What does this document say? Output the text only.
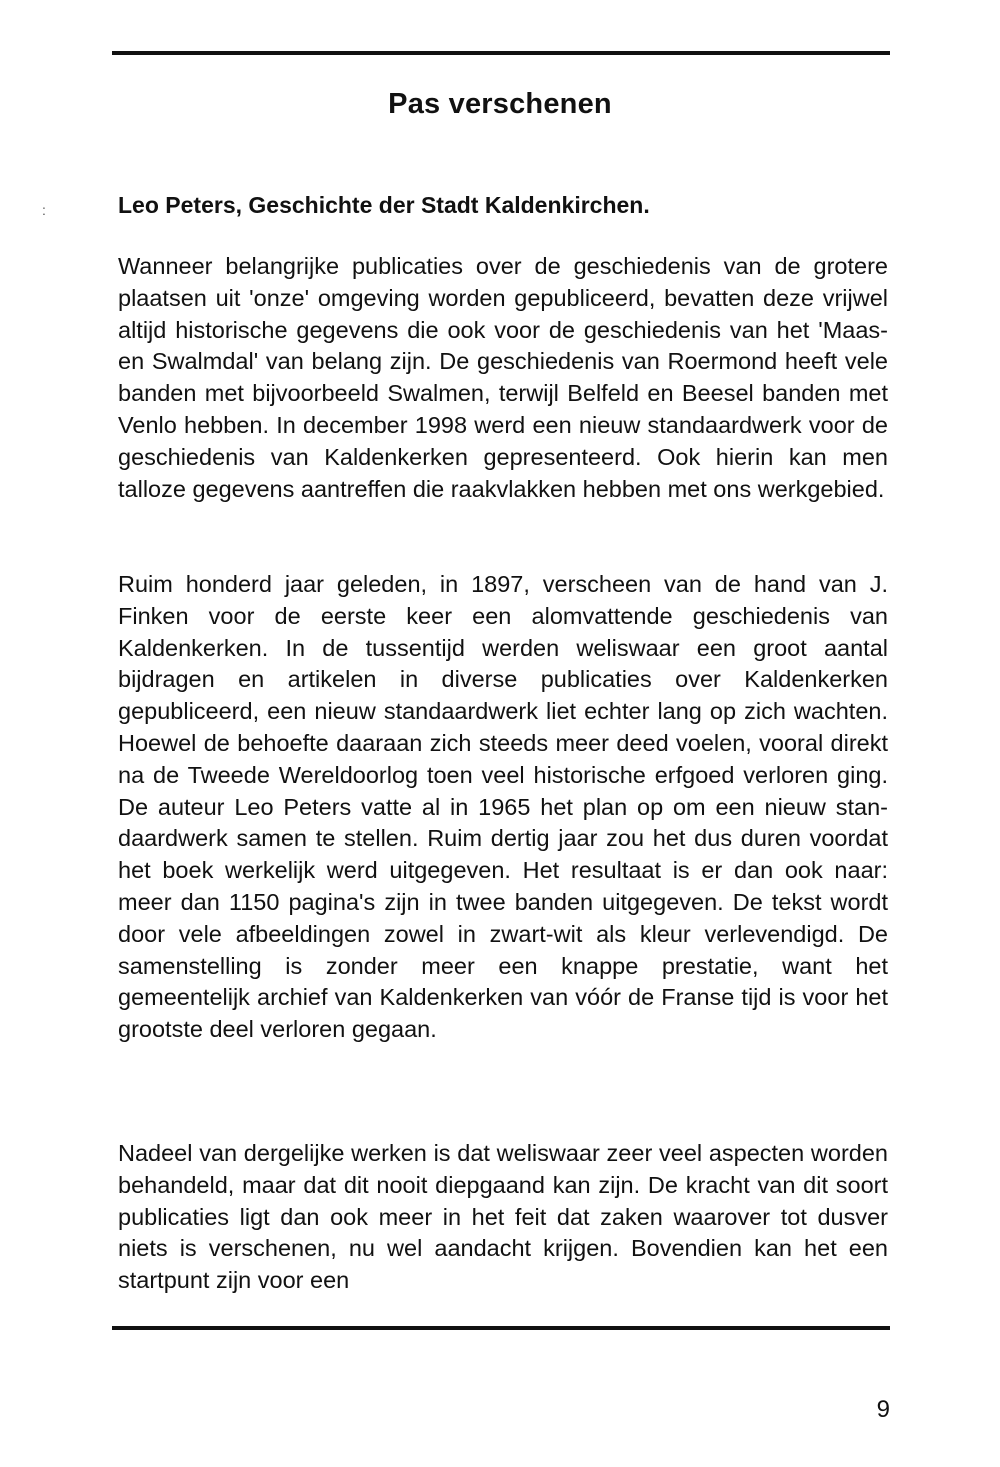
Pas verschenen
:	Leo Peters, Geschichte der Stadt Kaldenkirchen.

Wanneer belangrijke publicaties over de geschiedenis van de grotere plaatsen uit 'onze' omgeving worden gepubliceerd, bevatten deze vrijwel altijd historische gegevens die ook voor de geschiedenis van het 'Maas- en Swalmdal' van belang zijn. De geschiedenis van Roermond heeft vele banden met bijvoorbeeld Swalmen, terwijl Belfeld en Beesel banden met Venlo hebben. In december 1998 werd een nieuw standaardwerk voor de geschiedenis van Kaldenkerken gepresenteerd. Ook hierin kan men talloze gegevens aantreffen die raakvlakken hebben met ons werkgebied.

Ruim honderd jaar geleden, in 1897, verscheen van de hand van J. Finken voor de eerste keer een alomvattende geschiedenis van Kaldenkerken. In de tussentijd werden weliswaar een groot aantal bijdragen en artikelen in diverse publicaties over Kaldenkerken gepubliceerd, een nieuw standaardwerk liet echter lang op zich wachten. Hoewel de behoefte daaraan zich steeds meer deed voelen, vooral direkt na de Tweede Wereldoorlog toen veel historische erfgoed verloren ging. De auteur Leo Peters vatte al in 1965 het plan op om een nieuw standaardwerk samen te stellen. Ruim dertig jaar zou het dus duren voordat het boek werkelijk werd uitgegeven. Het resultaat is er dan ook naar: meer dan 1150 pagina's zijn in twee banden uitgegeven. De tekst wordt door vele afbeeldingen zowel in zwart-wit als kleur verlevendigd. De samenstelling is zonder meer een knappe prestatie, want het gemeentelijk archief van Kaldenkerken van vóór de Franse tijd is voor het grootste deel verloren gegaan.

Nadeel van dergelijke werken is dat weliswaar zeer veel aspecten worden behandeld, maar dat dit nooit diepgaand kan zijn. De kracht van dit soort publicaties ligt dan ook meer in het feit dat zaken waarover tot dusver niets is verschenen, nu wel aandacht krijgen. Bovendien kan het een startpunt zijn voor een

9
